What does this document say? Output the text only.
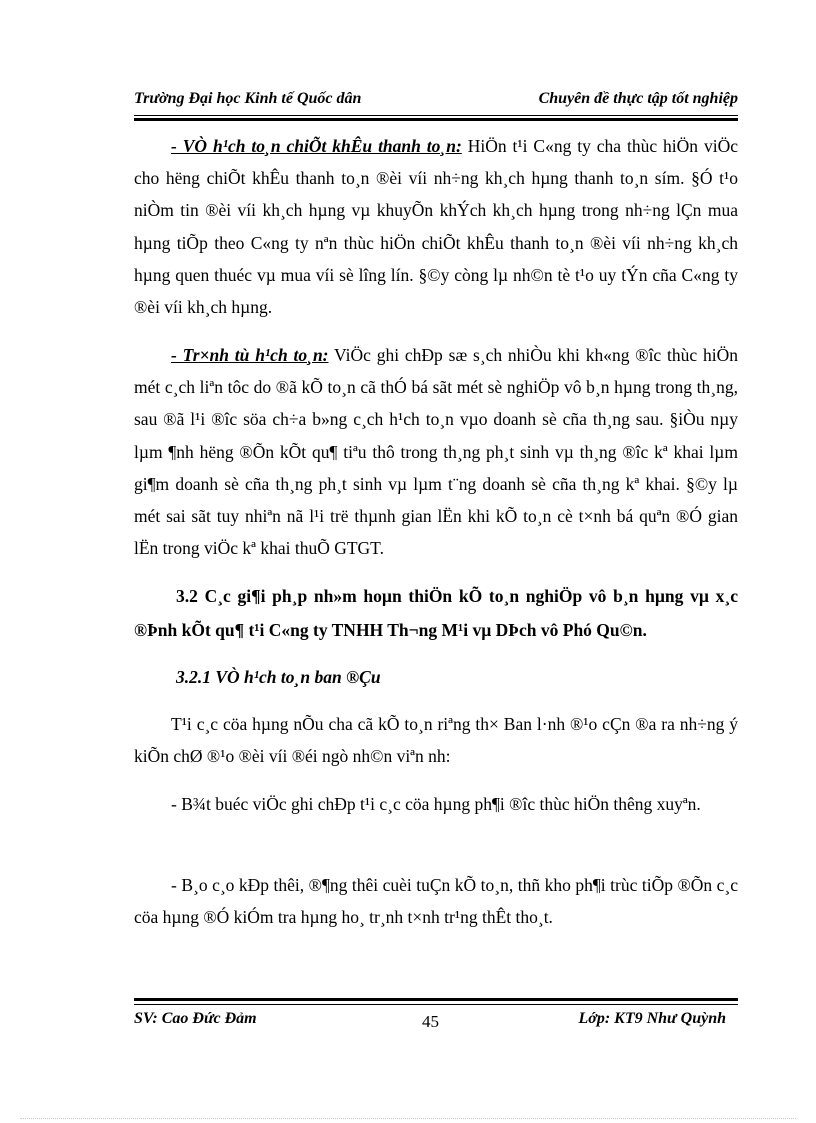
Trường Đại học Kinh tế Quốc dân	Chuyên đề thực tập tốt nghiệp

- VÒ h¹ch to¸n chiÕt khÊu thanh to¸n: HiÖn t¹i C«ng ty cha thùc hiÖn viÖc cho hëng chiÕt khÊu thanh to¸n ®èi víi nh÷ng kh¸ch hµng thanh to¸n sím. §Ó t¹o niÒm tin ®èi víi kh¸ch hµng vµ khuyÕn khÝch kh¸ch hµng trong nh÷ng lÇn mua hµng tiÕp theo C«ng ty nªn thùc hiÖn chiÕt khÊu thanh to¸n ®èi víi nh÷ng kh¸ch hµng quen thuéc vµ mua víi sè lîng lín. §©y còng lµ nh©n tè t¹o uy tÝn cña C«ng ty ®èi víi kh¸ch hµng.

- Tr×nh tù h¹ch to¸n: ViÖc ghi chÐp sæ s¸ch nhiÒu khi kh«ng ®îc thùc hiÖn mét c¸ch liªn tôc do ®ã kÕ to¸n cã thÓ bá sãt mét sè nghiÖp vô b¸n hµng trong th¸ng, sau ®ã l¹i ®îc söa ch÷a b»ng c¸ch h¹ch to¸n vµo doanh sè cña th¸ng sau. §iÒu nµy lµm ¶nh hëng ®Õn kÕt qu¶ tiªu thô trong th¸ng ph¸t sinh vµ th¸ng ®îc kª khai lµm gi¶m doanh sè cña th¸ng ph¸t sinh vµ lµm t¨ng doanh sè cña th¸ng kª khai. §©y lµ mét sai sãt tuy nhiªn nã l¹i trë thµnh gian lËn khi kÕ to¸n cè t×nh bá quªn ®Ó gian lËn trong viÖc kª khai thuÕ GTGT.

3.2 C¸c gi¶i ph¸p nh»m hoµn thiÖn kÕ to¸n nghiÖp vô b¸n hµng vµ x¸c ®Þnh kÕt qu¶ t¹i C«ng ty TNHH Th¬ng M¹i vµ DÞch vô Phó Qu©n.

3.2.1 VÒ h¹ch to¸n ban ®Çu

T¹i c¸c cöa hµng nÕu cha cã kÕ to¸n riªng th× Ban l·nh ®¹o cÇn ®a ra nh÷ng ý kiÕn chØ ®¹o ®èi víi ®éi ngò nh©n viªn nh:

- B¾t buéc viÖc ghi chÐp t¹i c¸c cöa hµng ph¶i ®îc thùc hiÖn thêng xuyªn.

- B¸o c¸o kÐp thêi, ®¶ng thêi cuèi tuÇn kÕ to¸n, thñ kho ph¶i trùc tiÕp ®Õn c¸c cöa hµng ®Ó kiÓm tra hµng ho¸ tr¸nh t×nh tr¹ng thÊt tho¸t.

SV: Cao Đức Đảm	45	Lớp: KT9 Như Quỳnh
